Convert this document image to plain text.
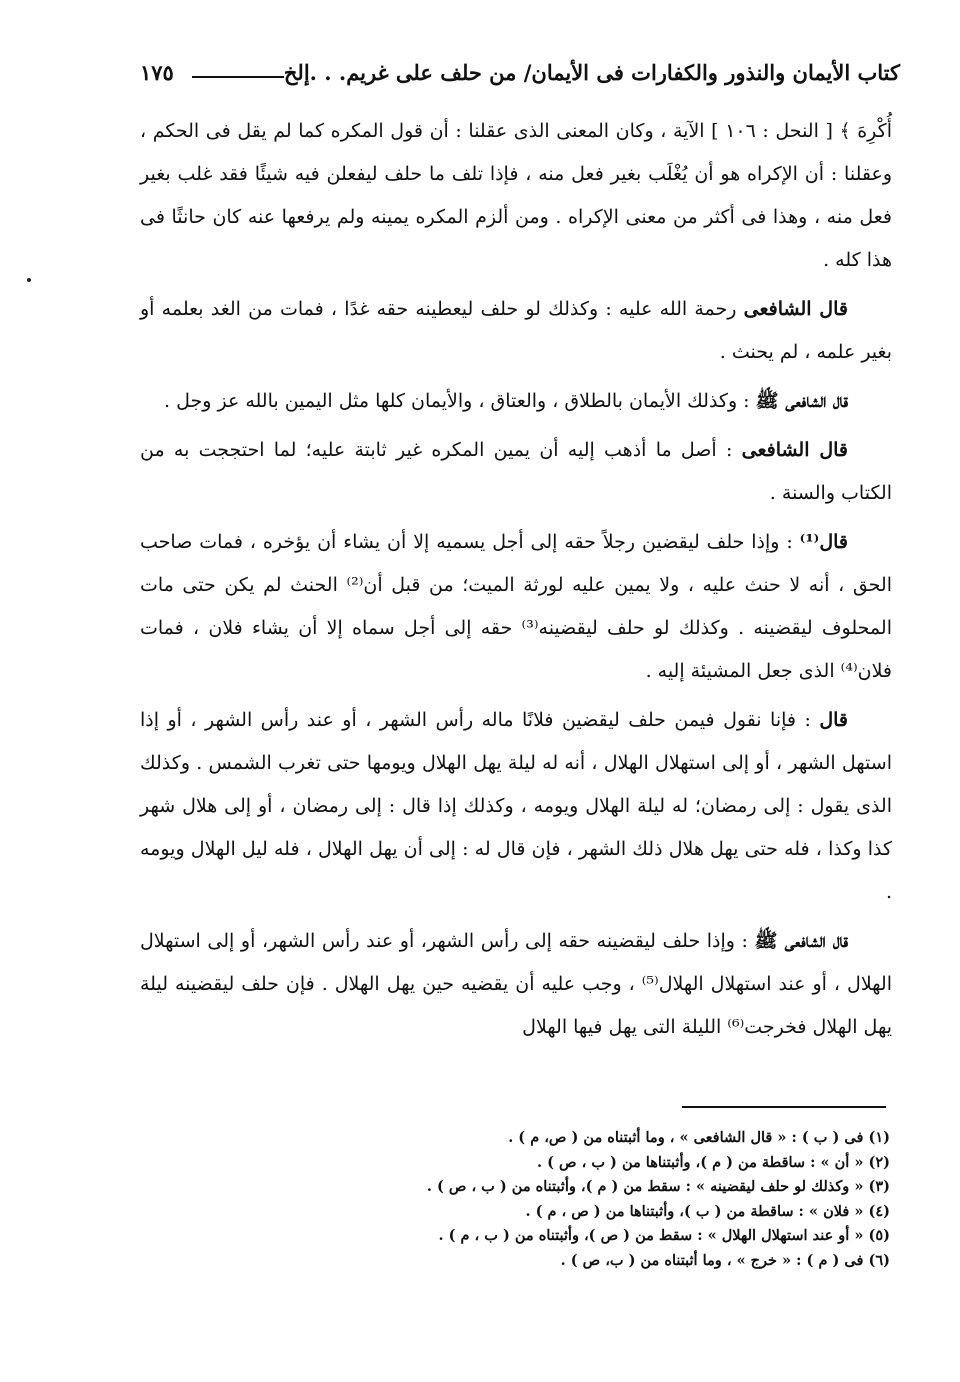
كتاب الأيمان والنذور والكفارات فى الأيمان/ من حلف على غريم. . .إلخ
١٧٥

أُكْرِهَ ﴾ [ النحل : ١٠٦ ] الآية ، وكان المعنى الذى عقلنا : أن قول المكره كما لم يقل فى الحكم ، وعقلنا : أن الإكراه هو أن يُغْلَب بغير فعل منه ، فإذا تلف ما حلف ليفعلن فيه شيئًا فقد غلب بغير فعل منه ، وهذا فى أكثر من معنى الإكراه . ومن ألزم المكره يمينه ولم يرفعها عنه كان حانثًا فى هذا كله .

قال الشافعى رحمة الله عليه : وكذلك لو حلف ليعطينه حقه غدًا ، فمات من الغد بعلمه أو بغير علمه ، لم يحنث .

قال الشافعى ﷺ : وكذلك الأيمان بالطلاق ، والعتاق ، والأيمان كلها مثل اليمين بالله عز وجل .

قال الشافعى : أصل ما أذهب إليه أن يمين المكره غير ثابتة عليه؛ لما احتججت به من الكتاب والسنة .

قال⁽¹⁾ : وإذا حلف ليقضين رجلاً حقه إلى أجل يسميه إلا أن يشاء أن يؤخره ، فمات صاحب الحق ، أنه لا حنث عليه ، ولا يمين عليه لورثة الميت؛ من قبل أن⁽²⁾ الحنث لم يكن حتى مات المحلوف ليقضينه . وكذلك لو حلف ليقضينه⁽³⁾ حقه إلى أجل سماه إلا أن يشاء فلان ، فمات فلان⁽⁴⁾ الذى جعل المشيئة إليه .

قال : فإنا نقول فيمن حلف ليقضين فلانًا ماله رأس الشهر ، أو عند رأس الشهر ، أو إذا استهل الشهر ، أو إلى استهلال الهلال ، أنه له ليلة يهل الهلال ويومها حتى تغرب الشمس . وكذلك الذى يقول : إلى رمضان؛ له ليلة الهلال ويومه ، وكذلك إذا قال : إلى رمضان ، أو إلى هلال شهر كذا وكذا ، فله حتى يهل هلال ذلك الشهر ، فإن قال له : إلى أن يهل الهلال ، فله ليل الهلال ويومه .

قال الشافعى ﷺ : وإذا حلف ليقضينه حقه إلى رأس الشهر، أو عند رأس الشهر، أو إلى استهلال الهلال ، أو عند استهلال الهلال⁽⁵⁾ ، وجب عليه أن يقضيه حين يهل الهلال . فإن حلف ليقضينه ليلة يهل الهلال فخرجت⁽⁶⁾ الليلة التى يهل فيها الهلال

(١) فى ( ب ) : « قال الشافعى » ، وما أثبتناه من ( ص، م ) .

(٢) « أن » : ساقطة من ( م )، وأثبتناها من ( ب ، ص ) .

(٣) « وكذلك لو حلف ليقضينه » : سقط من ( م )، وأثبتناه من ( ب ، ص ) .

(٤) « فلان » : ساقطة من ( ب )، وأثبتناها من ( ص ، م ) .

(٥) « أو عند استهلال الهلال » : سقط من ( ص )، وأثبتناه من ( ب ، م ) .

(٦) فى ( م ) : « خرج » ، وما أثبتناه من ( ب، ص ) .
